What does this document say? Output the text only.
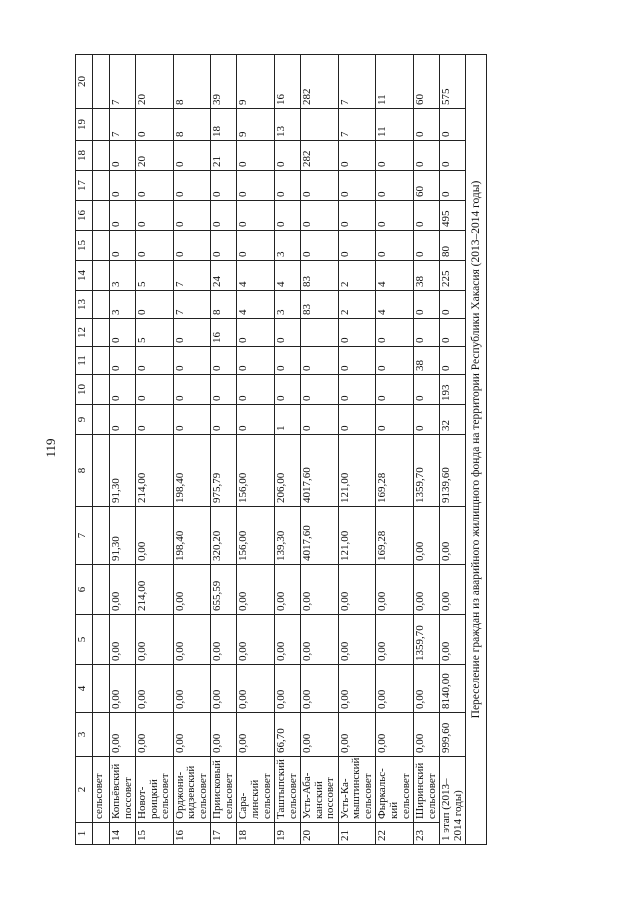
119
1	2	3	4	5	6	7	8	9	10	11	12	13	14	15	16	17	18	19	20
	сельсовет																		
14	Копьёвский поссовет	0,00	0,00	0,00	0,00	91,30	91,30	0	0	0	0	3	3	0	0	0	0	7	7
15	Новот-роицкий сельсовет	0,00	0,00	0,00	214,00	0,00	214,00	0	0	0	5	0	5	0	0	0	20	0	20
16	Орджони-кидзевский сельсовет	0,00	0,00	0,00	0,00	198,40	198,40	0	0	0	0	7	7	0	0	0	0	8	8
17	Приисковый сельсовет	0,00	0,00	0,00	655,59	320,20	975,79	0	0	0	16	8	24	0	0	0	21	18	39
18	Сара-линский сельсовет	0,00	0,00	0,00	0,00	156,00	156,00	0	0	0	0	4	4	0	0	0	0	9	9
19	Таштыпский сельсовет	66,70	0,00	0,00	0,00	139,30	206,00	1	0	0	0	3	4	3	0	0	0	13	16
20	Усть-Аба-канский поссовет	0,00	0,00	0,00	0,00	4017,60	4017,60	0	0	0		83	83	0	0	0	282		282
21	Усть-Ка-мыштинский сельсовет	0,00	0,00	0,00	0,00	121,00	121,00	0	0	0	0	2	2	0	0	0	0	7	7
22	Фыркальс-кий сельсовет	0,00	0,00	0,00	0,00	169,28	169,28	0	0	0	0	4	4	0	0	0	0	11	11
23	Ширинский сельсовет	0,00	0,00	1359,70	0,00	0,00	1359,70	0	0	38	0	0	38	0	0	60	0	0	60
1 этап (2013–2014 годы)		999,60	8140,00	0,00	0,00	0,00	9139,60	32	193	0	0	0	225	80	495	0	0	0	575
Переселение граждан из аварийного жилищного фонда на территории Республики Хакасия (2013–2014 годы)																			
